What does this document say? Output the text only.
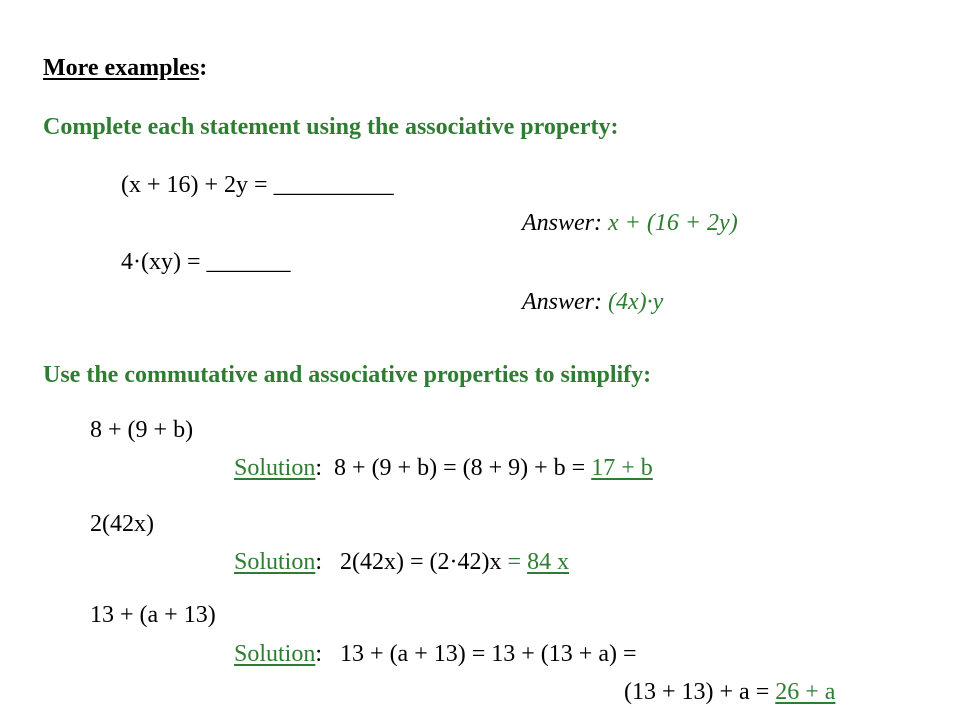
More examples:
Complete each statement using the associative property:
(x + 16) + 2y = __________
Answer: x + (16 + 2y)
4·(xy) = _______
Answer: (4x)·y
Use the commutative and associative properties to simplify:
8 + (9 + b)
Solution: 8 + (9 + b) = (8 + 9) + b = 17 + b
2(42x)
Solution: 2(42x) = (2·42)x = 84 x
13 + (a + 13)
Solution: 13 + (a + 13) = 13 + (13 + a) =
(13 + 13) + a = 26 + a
